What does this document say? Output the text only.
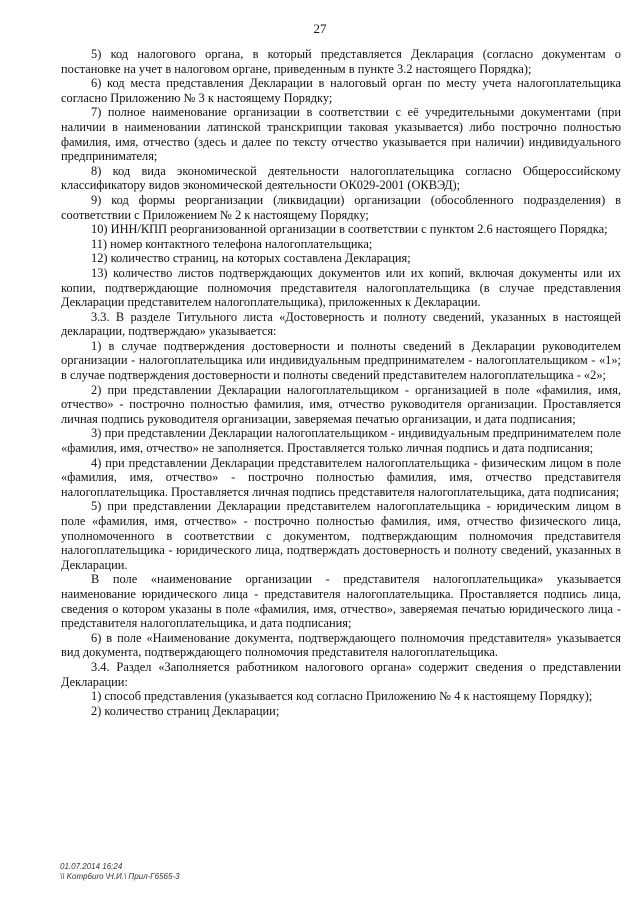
27

5) код налогового органа, в который представляется Декларация (согласно документам о постановке на учет в налоговом органе, приведенным в пункте 3.2 настоящего Порядка);

6) код места представления Декларации в налоговый орган по месту учета налогоплательщика согласно Приложению № 3 к настоящему Порядку;

7) полное наименование организации в соответствии с её учредительными документами (при наличии в наименовании латинской транскрипции таковая указывается) либо построчно полностью фамилия, имя, отчество (здесь и далее по тексту отчество указывается при наличии) индивидуального предпринимателя;

8) код вида экономической деятельности налогоплательщика согласно Общероссийскому классификатору видов экономической деятельности ОК029-2001 (ОКВЭД);

9) код формы реорганизации (ликвидации) организации (обособленного подразделения) в соответствии с Приложением № 2 к настоящему Порядку;

10) ИНН/КПП реорганизованной организации в соответствии с пунктом 2.6 настоящего Порядка;

11) номер контактного телефона налогоплательщика;

12) количество страниц, на которых составлена Декларация;

13) количество листов подтверждающих документов или их копий, включая документы или их копии, подтверждающие полномочия представителя налогоплательщика (в случае представления Декларации представителем налогоплательщика), приложенных к Декларации.

3.3. В разделе Титульного листа «Достоверность и полноту сведений, указанных в настоящей декларации, подтверждаю» указывается:

1) в случае подтверждения достоверности и полноты сведений в Декларации руководителем организации - налогоплательщика или индивидуальным предпринимателем - налогоплательщиком - «1»; в случае подтверждения достоверности и полноты сведений представителем налогоплательщика - «2»;

2) при представлении Декларации налогоплательщиком - организацией в поле «фамилия, имя, отчество» - построчно полностью фамилия, имя, отчество руководителя организации. Проставляется личная подпись руководителя организации, заверяемая печатью организации, и дата подписания;

3) при представлении Декларации налогоплательщиком - индивидуальным предпринимателем поле «фамилия, имя, отчество» не заполняется. Проставляется только личная подпись и дата подписания;

4) при представлении Декларации представителем налогоплательщика - физическим лицом в поле «фамилия, имя, отчество» - построчно полностью фамилия, имя, отчество представителя налогоплательщика. Проставляется личная подпись представителя налогоплательщика, дата подписания;

5) при представлении Декларации представителем налогоплательщика - юридическим лицом в поле «фамилия, имя, отчество» - построчно полностью фамилия, имя, отчество физического лица, уполномоченного в соответствии с документом, подтверждающим полномочия представителя налогоплательщика - юридического лица, подтверждать достоверность и полноту сведений, указанных в Декларации.

В поле «наименование организации - представителя налогоплательщика» указывается наименование юридического лица - представителя налогоплательщика. Проставляется подпись лица, сведения о котором указаны в поле «фамилия, имя, отчество», заверяемая печатью юридического лица - представителя налогоплательщика, и дата подписания;

6) в поле «Наименование документа, подтверждающего полномочия представителя» указывается вид документа, подтверждающего полномочия представителя налогоплательщика.

3.4. Раздел «Заполняется работником налогового органа» содержит сведения о представлении Декларации:

1) способ представления (указывается код согласно Приложению № 4 к настоящему Порядку);

2) количество страниц Декларации;

01.07.2014 16:24
\\ Komp6uro \Н.И.\ Прил-Г6565-3
